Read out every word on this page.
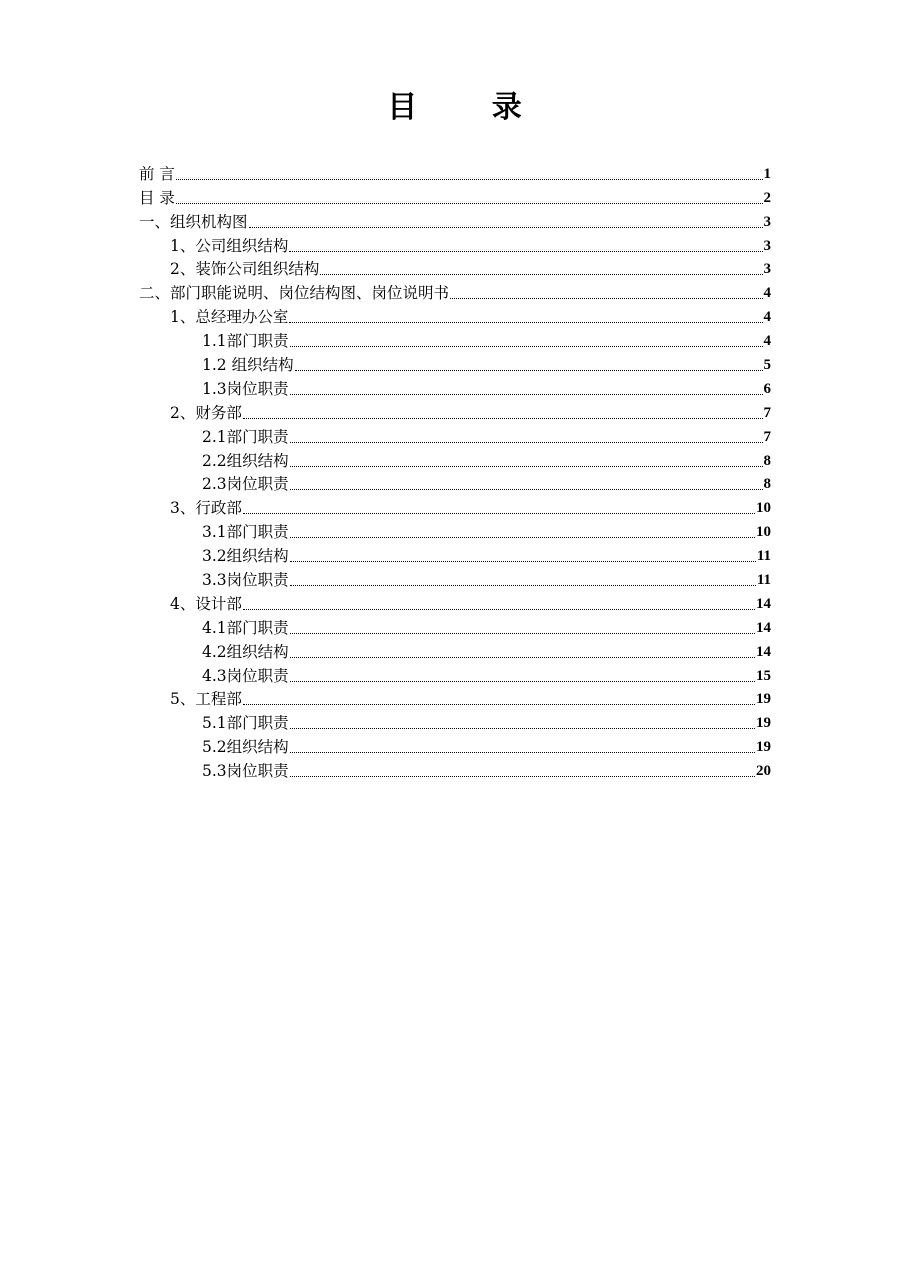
目 录
前 言	1
目 录	2
一、组织机构图	3
1、公司组织结构	3
2、装饰公司组织结构	3
二、部门职能说明、岗位结构图、岗位说明书	4
1、总经理办公室	4
1.1部门职责	4
1.2 组织结构	5
1.3岗位职责	6
2、财务部	7
2.1部门职责	7
2.2组织结构	8
2.3岗位职责	8
3、行政部	10
3.1部门职责	10
3.2组织结构	11
3.3岗位职责	11
4、设计部	14
4.1部门职责	14
4.2组织结构	14
4.3岗位职责	15
5、工程部	19
5.1部门职责	19
5.2组织结构	19
5.3岗位职责	20
